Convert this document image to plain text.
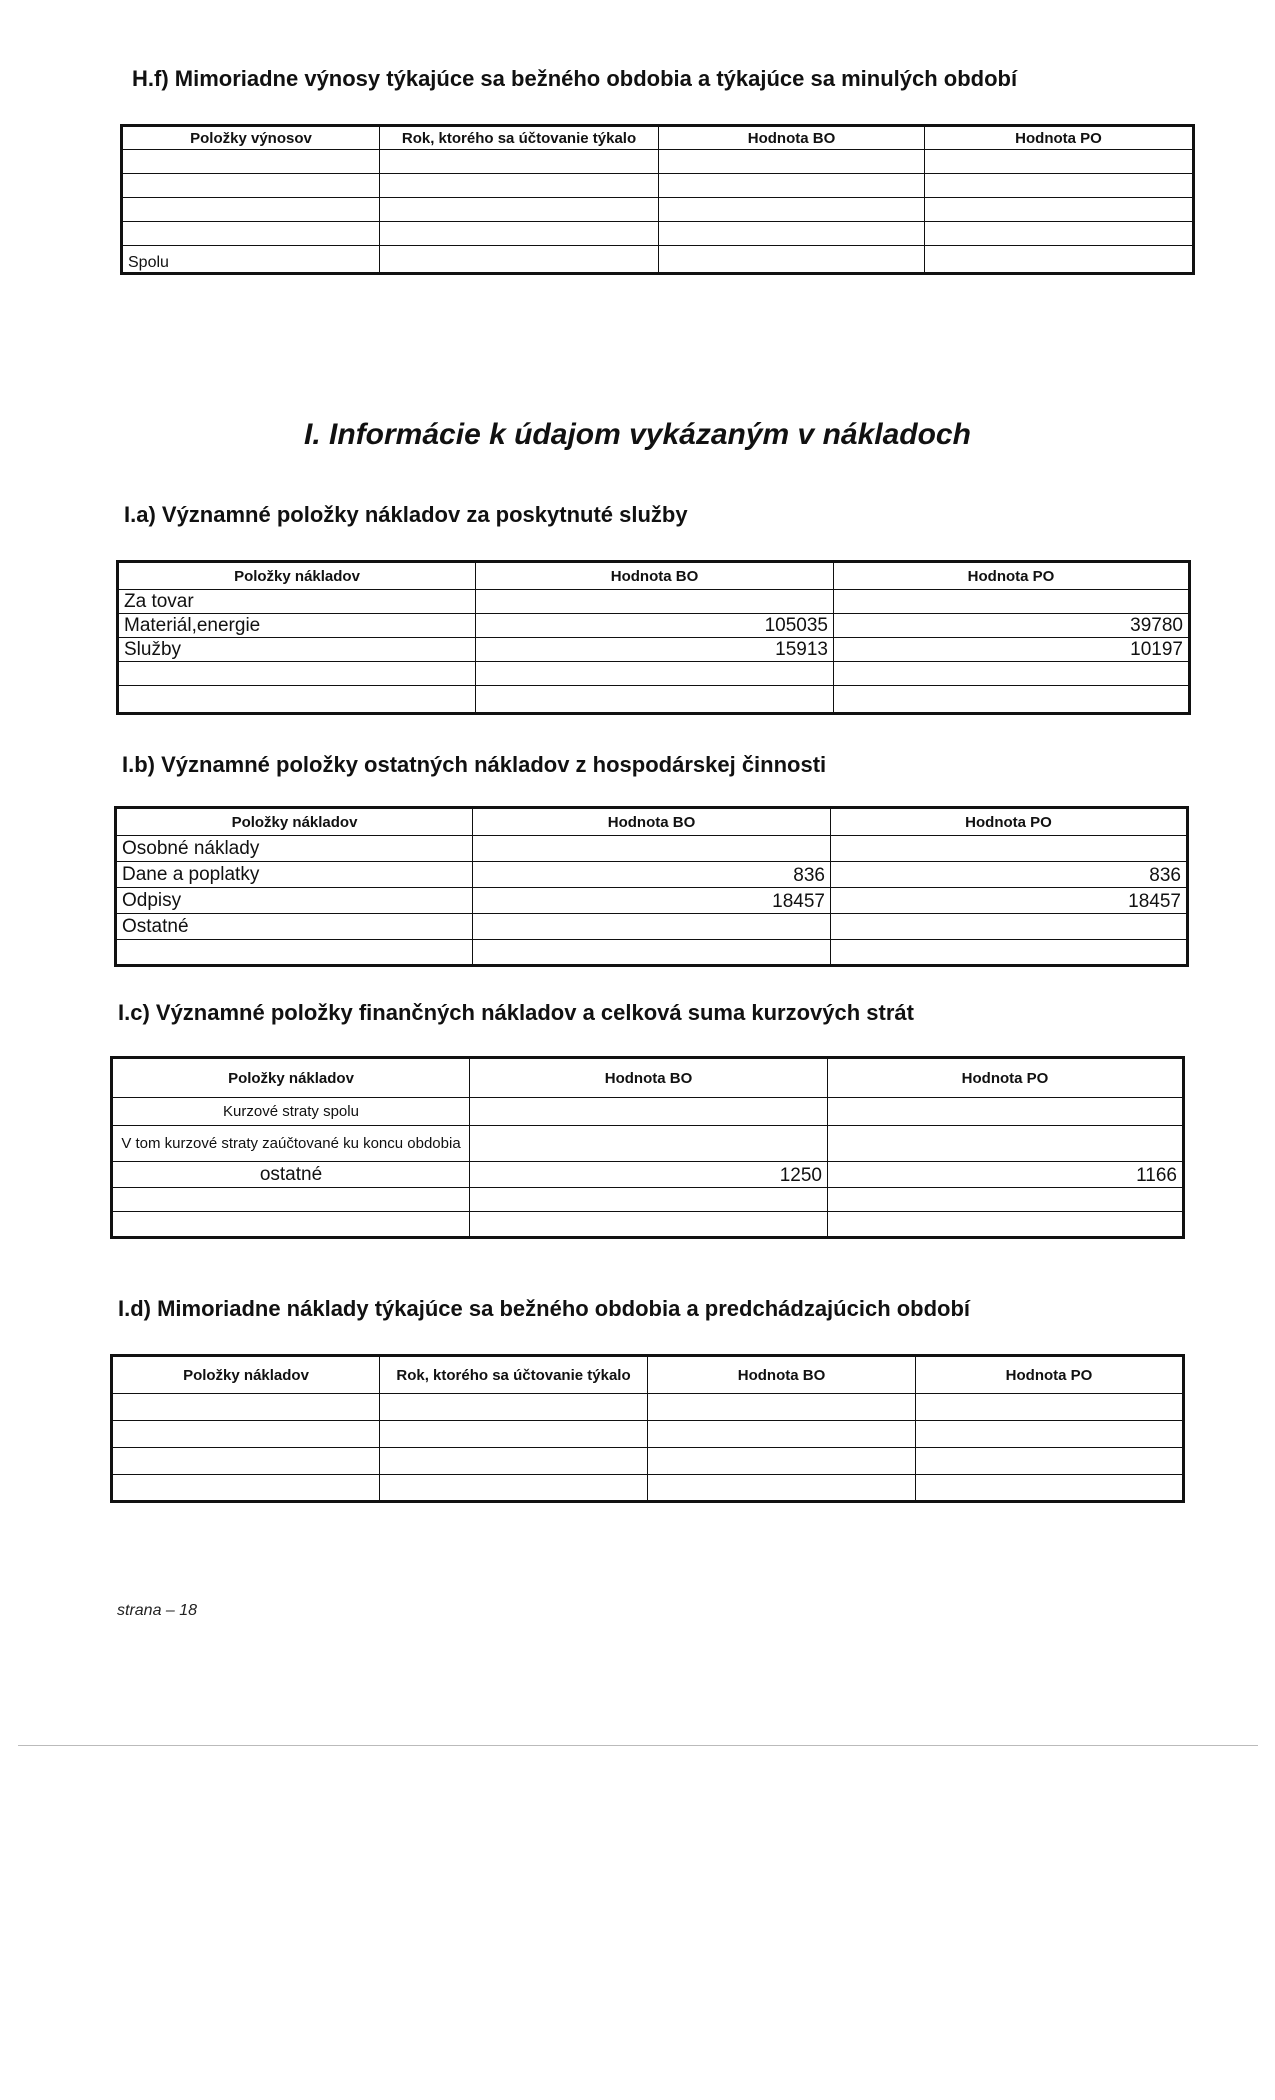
H.f) Mimoriadne výnosy týkajúce sa bežného obdobia a týkajúce sa minulých období
Položky výnosov	Rok, ktorého sa účtovanie týkalo	Hodnota BO	Hodnota PO

Spolu			
I. Informácie k údajom vykázaným v nákladoch
I.a) Významné položky nákladov za poskytnuté služby
Položky nákladov	Hodnota BO	Hodnota PO
Za tovar		
Materiál,energie	105035	39780
Služby	15913	10197

I.b) Významné položky ostatných nákladov z hospodárskej činnosti
Položky nákladov	Hodnota BO	Hodnota PO
Osobné náklady		
Dane a poplatky	836	836
Odpisy	18457	18457
Ostatné		

I.c) Významné položky finančných nákladov a celková suma kurzových strát
Položky nákladov	Hodnota BO	Hodnota PO
Kurzové straty spolu		
V tom kurzové straty zaúčtované ku koncu obdobia		
ostatné	1250	1166

I.d) Mimoriadne náklady týkajúce sa bežného obdobia a predchádzajúcich období
Položky nákladov	Rok, ktorého sa účtovanie týkalo	Hodnota BO	Hodnota PO

strana – 18
